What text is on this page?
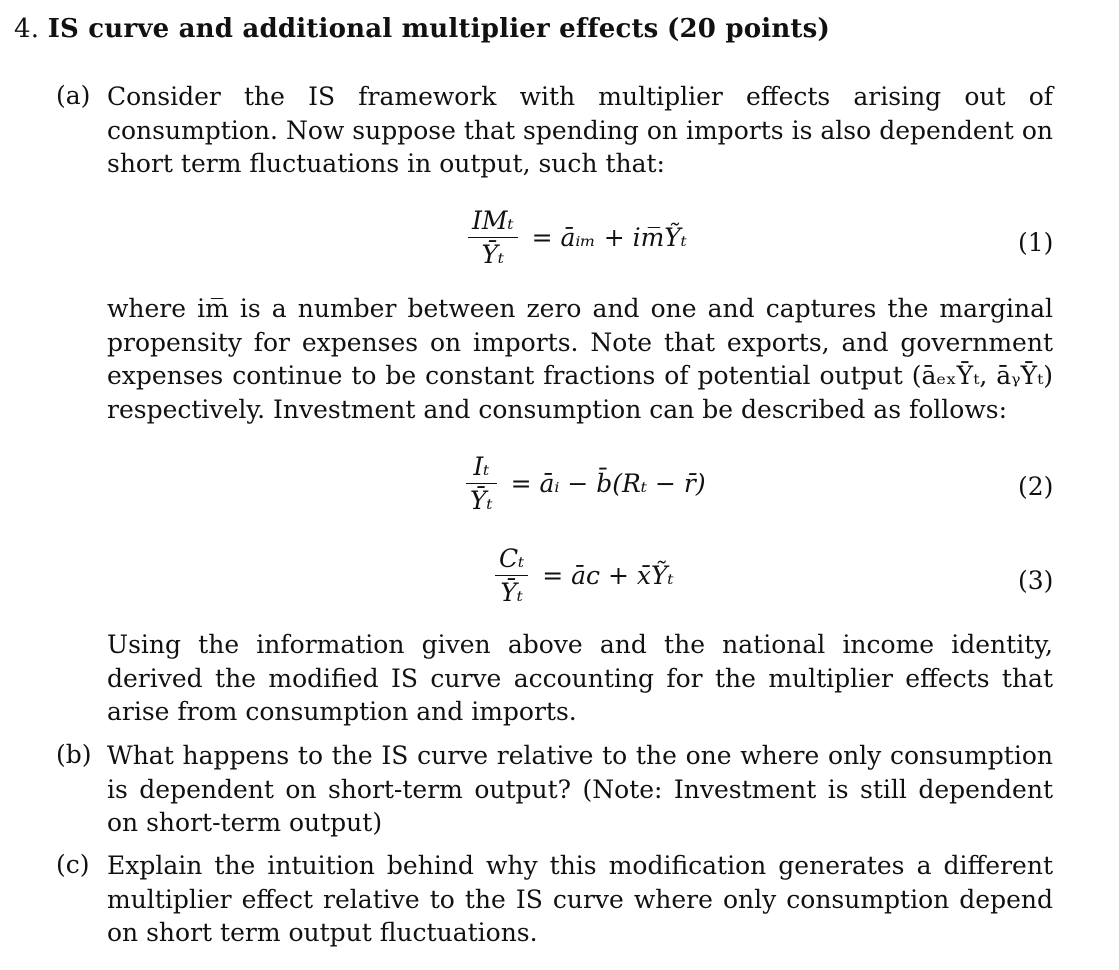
4. IS curve and additional multiplier effects (20 points)
(a) Consider the IS framework with multiplier effects arising out of consumption. Now suppose that spending on imports is also dependent on short term fluctuations in output, such that:
$\frac{\text{IMₜ}}{\text{Ȳₜ}}$ = āᵢₘ + im̅Ỹₜ	(1)
where im̅ is a number between zero and one and captures the marginal propensity for expenses on imports. Note that exports, and government expenses continue to be constant fractions of potential output (āₑₓȲₜ, āᵧȲₜ) respectively. Investment and consumption can be described as follows:
$\frac{\text{Iₜ}}{\text{Ȳₜ}}$ = āᵢ − b̄(Rₜ − r̄)	(2)
$\frac{\text{Cₜ}}{\text{Ȳₜ}}$ = āᴄ + x̄Ỹₜ	(3)
Using the information given above and the national income identity, derived the modified IS curve accounting for the multiplier effects that arise from consumption and imports.
(b) What happens to the IS curve relative to the one where only consumption is dependent on short-term output? (Note: Investment is still dependent on short-term output)
(c) Explain the intuition behind why this modification generates a different multiplier effect relative to the IS curve where only consumption depend on short term output fluctuations.
